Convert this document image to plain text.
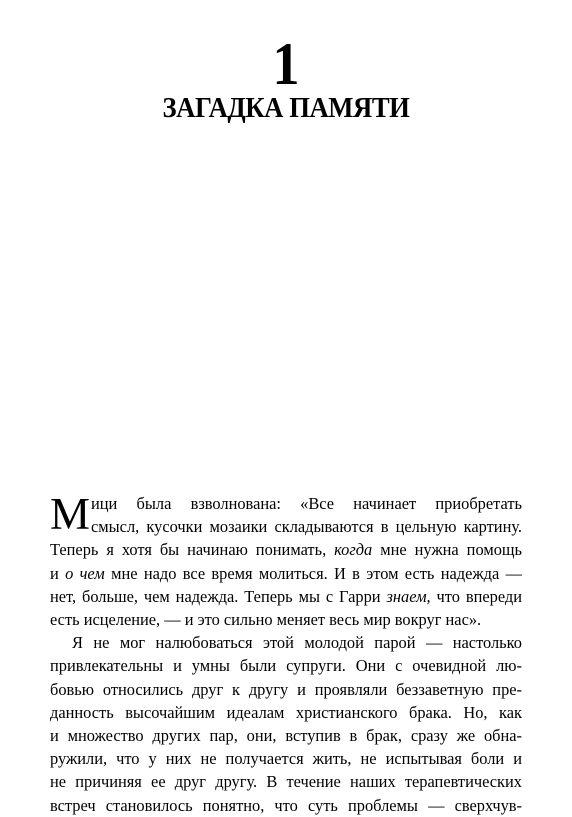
1
ЗАГАДКА ПАМЯТИ
М ици была взволнована: «Все начинает приобретать
смысл, кусочки мозаики складываются в цельную картину.
Теперь я хотя бы начинаю понимать, когда мне нужна помощь
и о чем мне надо все время молиться. И в этом есть надежда —
нет, больше, чем надежда. Теперь мы с Гарри знаем, что впереди
есть исцеление, — и это сильно меняет весь мир вокруг нас».
Я не мог налюбоваться этой молодой парой — настолько
привлекательны и умны были супруги. Они с очевидной лю-
бовью относились друг к другу и проявляли беззаветную пре-
данность высочайшим идеалам христианского брака. Но, как
и множество других пар, они, вступив в брак, сразу же обна-
ружили, что у них не получается жить, не испытывая боли и
не причиняя ее друг другу. В течение наших терапевтических
встреч становилось понятно, что суть проблемы — сверхчув-
